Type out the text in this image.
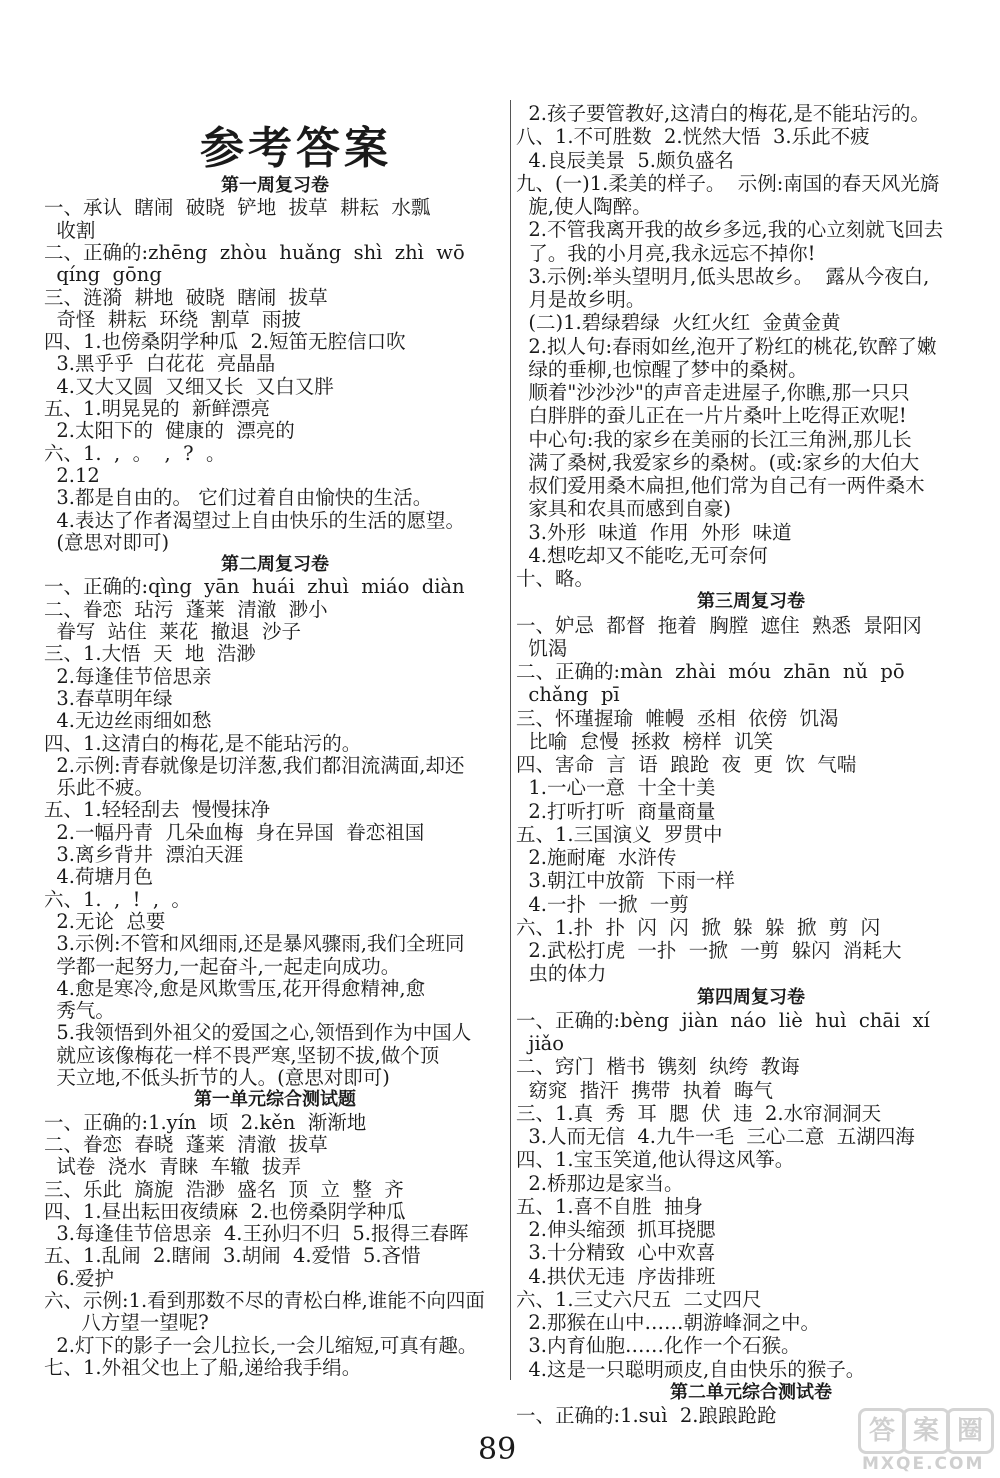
参考答案
第一周复习卷
一、承认  瞎闹  破晓  铲地  拔草  耕耘  水瓢
收割
二、正确的:zhēng  zhòu  huǎng  shì  zhì  wō
qíng  gōng
三、涟漪  耕地  破晓  瞎闹  拔草
奇怪  耕耘  环绕  割草  雨披
四、1.也傍桑阴学种瓜  2.短笛无腔信口吹
3.黑乎乎  白花花  亮晶晶
4.又大又圆  又细又长  又白又胖
五、1.明晃晃的  新鲜漂亮
2.太阳下的  健康的  漂亮的
六、1.  ,  。  ,  ?  。
2.12
3.都是自由的。 它们过着自由愉快的生活。
4.表达了作者渴望过上自由快乐的生活的愿望。
(意思对即可)
第二周复习卷
一、正确的:qìng  yān  huái  zhuì  miáo  diàn
二、眷恋  玷污  蓬莱  清澈  渺小
眷写  站住  莱花  撤退  沙子
三、1.大悟  天  地  浩渺
2.每逢佳节倍思亲
3.春草明年绿
4.无边丝雨细如愁
四、1.这清白的梅花,是不能玷污的。
2.示例:青春就像是切洋葱,我们都泪流满面,却还
乐此不疲。
五、1.轻轻刮去  慢慢抹净
2.一幅丹青  几朵血梅  身在异国  眷恋祖国
3.离乡背井  漂泊天涯
4.荷塘月色
六、1.  ,  !  ,  。
2.无论  总要
3.示例:不管和风细雨,还是暴风骤雨,我们全班同
学都一起努力,一起奋斗,一起走向成功。
4.愈是寒冷,愈是风欺雪压,花开得愈精神,愈
秀气。
5.我领悟到外祖父的爱国之心,领悟到作为中国人
就应该像梅花一样不畏严寒,坚韧不拔,做个顶
天立地,不低头折节的人。(意思对即可)
第一单元综合测试题
一、正确的:1.yín  顷  2.kěn  渐渐地
二、眷恋  春晓  蓬莱  清澈  拔草
试卷  浇水  青睐  车辙  拔弄
三、乐此  旖旎  浩渺  盛名  顶  立  整  齐
四、1.昼出耘田夜绩麻  2.也傍桑阴学种瓜
3.每逢佳节倍思亲  4.王孙归不归  5.报得三春晖
五、1.乱闹  2.瞎闹  3.胡闹  4.爱惜  5.吝惜
6.爱护
六、示例:1.看到那数不尽的青松白桦,谁能不向四面
八方望一望呢?
2.灯下的影子一会儿拉长,一会儿缩短,可真有趣。
七、1.外祖父也上了船,递给我手绢。
2.孩子要管教好,这清白的梅花,是不能玷污的。
八、1.不可胜数  2.恍然大悟  3.乐此不疲
4.良辰美景  5.颇负盛名
九、(一)1.柔美的样子。  示例:南国的春天风光旖
旎,使人陶醉。
2.不管我离开我的故乡多远,我的心立刻就飞回去
了。我的小月亮,我永远忘不掉你!
3.示例:举头望明月,低头思故乡。  露从今夜白,
月是故乡明。
(二)1.碧绿碧绿  火红火红  金黄金黄
2.拟人句:春雨如丝,泡开了粉红的桃花,钦醉了嫩
绿的垂柳,也惊醒了梦中的桑树。
顺着"沙沙沙"的声音走进屋子,你瞧,那一只只
白胖胖的蚕儿正在一片片桑叶上吃得正欢呢!
中心句:我的家乡在美丽的长江三角洲,那儿长
满了桑树,我爱家乡的桑树。(或:家乡的大伯大
叔们爱用桑木扁担,他们常为自己有一两件桑木
家具和农具而感到自豪)
3.外形  味道  作用  外形  味道
4.想吃却又不能吃,无可奈何
十、略。
第三周复习卷
一、妒忌  都督  拖着  胸膛  遮住  熟悉  景阳冈
饥渴
二、正确的:màn  zhài  móu  zhān  nǔ  pō
chǎng  pī
三、怀瑾握瑜  帷幔  丞相  依傍  饥渴
比喻  怠慢  拯救  榜样  讥笑
四、害命  言  语  踉跄  夜  更  饮  气喘
1.一心一意  十全十美
2.打听打听  商量商量
五、1.三国演义  罗贯中
2.施耐庵  水浒传
3.朝江中放箭  下雨一样
4.一扑  一掀  一剪
六、1.扑  扑  闪  闪  掀  躲  躲  掀  剪  闪
2.武松打虎  一扑  一掀  一剪  躲闪  消耗大
虫的体力
第四周复习卷
一、正确的:bèng  jiàn  náo  liè  huì  chāi  xí
jiǎo
二、窍门  楷书  镌刻  纨绔  教诲
窈窕  揩汗  携带  执着  晦气
三、1.真  秀  耳  腮  伏  违  2.水帘洞洞天
3.人而无信  4.九牛一毛  三心二意  五湖四海
四、1.宝玉笑道,他认得这风筝。
2.桥那边是家当。
五、1.喜不自胜  抽身
2.伸头缩颈  抓耳挠腮
3.十分精致  心中欢喜
4.拱伏无违  序齿排班
六、1.三丈六尺五  二丈四尺
2.那猴在山中……朝游峰洞之中。
3.内育仙胞……化作一个石猴。
4.这是一只聪明顽皮,自由快乐的猴子。
第二单元综合测试卷
一、正确的:1.suì  2.踉踉跄跄
89
答 案 圈
MXQE.COM
